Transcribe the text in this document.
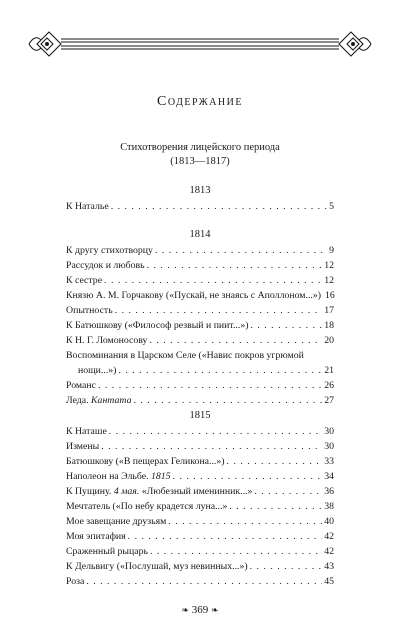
Содержание
Стихотворения лицейского периода
(1813—1817)
1813
К Наталье . . .	5
1814
К другу стихотворцу . . .	9
Рассудок и любовь . . .	12
К сестре . . .	12
Князю А. М. Горчакову («Пускай, не знаясь с Аполлоном...») 16
Опытность . . .	17
К Батюшкову («Философ резвый и пиит...») . . .	18
К Н. Г. Ломоносову . . .	20
Воспоминания в Царском Селе («Навис покров угрюмой
нощи...») . . .	21
Романс . . .	26
Леда. Кантата . . .	27
1815
К Наташе . . .	30
Измены . . .	30
Батюшкову («В пещерах Геликона...») . . .	33
Наполеон на Эльбе. 1815 . . .	34
К Пущину. 4 мая. «Любезный именинник...» . . .	36
Мечтатель («По небу крадется луна...» . . .	38
Мое завещание друзьям . . .	40
Моя эпитафия . . .	42
Сраженный рыцарь . . .	42
К Дельвигу («Послушай, муз невинных...») . . .	43
Роза . . .	45
❧ 369 ❧
